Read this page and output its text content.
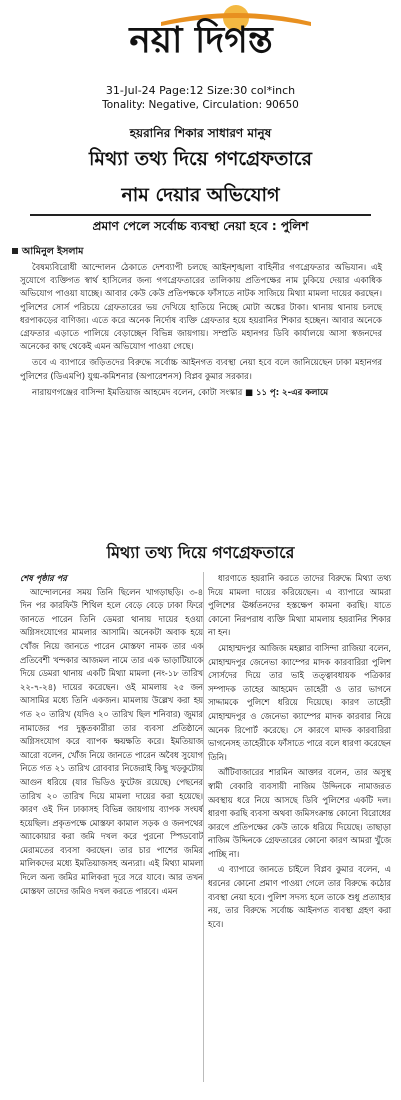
নয়া দিগন্ত
31-Jul-24 Page:12 Size:30 col*inch
Tonality: Negative, Circulation: 90650
হয়রানির শিকার সাধারণ মানুষ
মিথ্যা তথ্য দিয়ে গণগ্রেফতারে
নাম দেয়ার অভিযোগ
প্রমাণ পেলে সর্বোচ্চ ব্যবস্থা নেয়া হবে : পুলিশ
আমিনুল ইসলাম

বৈষম্যবিরোধী আন্দোলন ঠেকাতে দেশব্যাপী চলছে আইনশৃঙ্খলা বাহিনীর গণগ্রেফতার অভিযান। এই সুযোগে ব্যক্তিগত স্বার্থ হাসিলের জন্য গণগ্রেফতারের তালিকায় প্রতিপক্ষের নাম ঢুকিয়ে দেয়ার একাধিক অভিযোগ পাওয়া যাচ্ছে। আবার কেউ কেউ প্রতিপক্ষকে ফাঁসাতে নাটক সাজিয়ে মিথ্যা মামলা দায়ের করছেন। পুলিশের সোর্স পরিচয়ে গ্রেফতারের ভয় দেখিয়ে হাতিয়ে নিচ্ছে মোটা অঙ্কের টাকা। থানায় থানায় চলছে ধরপাকড়ের বাণিজ্য। এতে করে অনেক নির্দোষ ব্যক্তি গ্রেফতার হয়ে হয়রানির শিকার হচ্ছেন। আবার অনেকে গ্রেফতার এড়াতে পালিয়ে বেড়াচ্ছেন বিভিন্ন জায়গায়। সম্প্রতি মহানগর ডিবি কার্যালয়ে আসা স্বজনদের অনেকের কাছ থেকেই এমন অভিযোগ পাওয়া গেছে।

তবে এ ব্যাপারে জড়িতদের বিরুদ্ধে সর্বোচ্চ আইনগত ব্যবস্থা নেয়া হবে বলে জানিয়েছেন ঢাকা মহানগর পুলিশের (ডিএমপি) যুগ্ম-কমিশনার (অপারেশনস) বিপ্লব কুমার সরকার।

নারায়ণগঞ্জের বাসিন্দা ইমতিয়াজ আহমেদ বলেন, কোটা সংস্কার ■ ১১ পৃ: ২-এর কলামে

মিথ্যা তথ্য দিয়ে গণগ্রেফতারে
শেষ পৃষ্ঠার পর

আন্দোলনের সময় তিনি ছিলেন খাগড়াছড়ি। ৩-৪ দিন পর কারফিউ শিথিল হলে বেড়ে বেড়ে ঢাকা ফিরে জানতে পারেন তিনি ডেমরা থানায় দায়ের হওয়া অগ্নিসংযোগের মামলার আসামি। অনেকটা অবাক হয়ে খোঁজ নিয়ে জানতে পারেন মোস্তফা নামক তার এক প্রতিবেশী খন্দকার আজমল নামে তার এক ভাড়াটিয়াকে দিয়ে ডেমরা থানায় একটি মিথ্যা মামলা (নং-১৮ তারিখ ২২-৭-২৪) দায়ের করেছেন। ওই মামলায় ২৫ জন আসামির মধ্যে তিনি একজন। মামলায় উল্লেখ করা হয় গত ২০ তারিখ (যদিও ২০ তারিখ ছিল শনিবার) জুমার নামাজের পর দুষ্কৃতকারীরা তার ব্যবসা প্রতিষ্ঠানে অগ্নিসংযোগ করে ব্যাপক ক্ষয়ক্ষতি করে। ইমতিয়াজ আরো বলেন, খোঁজ নিয়ে জানতে পারেন অবৈধ সুযোগ নিতে গত ২১ তারিখ রোববার নিজেরাই কিছু খড়কুটোয় আগুন ধরিয়ে (যার ভিডিও ফুটেজ রয়েছে) পেছনের তারিখ ২০ তারিখ দিয়ে মামলা দায়ের করা হয়েছে। কারণ ওই দিন ঢাকাসহ বিভিন্ন জায়গায় ব্যাপক সংঘর্ষ হয়েছিল। প্রকৃতপক্ষে মোস্তফা কামাল সড়ক ও জনপথের অ্যাকোয়ার করা জমি দখল করে পুরনো স্পিডবোট মেরামতের ব্যবসা করছেন। তার চার পাশের জমির মালিকদের মধ্যে ইমতিয়াজসহ অন্যরা। এই মিথ্যা মামলা দিলে অন্য জমির মালিকরা দূরে সরে যাবে। আর তখন মোস্তফা তাদের জমিও দখল করতে পারবে। এমন

ধারণাতে হয়রানি করতে তাদের বিরুদ্ধে মিথ্যা তথ্য দিয়ে মামলা দায়ের করিয়েছেন। এ ব্যাপারে আমরা পুলিশের ঊর্ধ্বতনদের হস্তক্ষেপ কামনা করছি। যাতে কোনো নিরপরাধ ব্যক্তি মিথ্যা মামলায় হয়রানির শিকার না হন।

মোহাম্মদপুর আজিজ মহল্লার বাসিন্দা রাজিয়া বলেন, মোহাম্মদপুর জেনেভা ক্যাম্পের মাদক কারবারিরা পুলিশ সোর্সদের দিয়ে তার ভাই তত্ত্বাবধায়ক পত্রিকার সম্পাদক তাহের আহমেদ তাহেরী ও তার ভাগনে সাদ্দামকে পুলিশে ধরিয়ে দিয়েছে। কারণ তাহেরী মোহাম্মদপুর ও জেনেভা ক্যাম্পের মাদক কারবার নিয়ে অনেক রিপোর্ট করেছে। সে কারণে মাদক কারবারিরা ভাগনেসহ তাহেরীকে ফাঁসাতে পারে বলে ধারণা করেছেন তিনি।

আঁটিবাজারের শারমিন আক্তার বলেন, তার অসুস্থ স্বামী বেকারি ব্যবসায়ী নাজিম উদ্দিনকে নামাজরত অবস্থায় ধরে নিয়ে আসছে ডিবি পুলিশের একটি দল। ধারণা করছি ব্যবসা অথবা জমিসংক্রান্ত কোনো বিরোধের কারণে প্রতিপক্ষের কেউ তাকে ধরিয়ে দিয়েছে। তাছাড়া নাজিম উদ্দিনকে গ্রেফতারের কোনো কারণ আমরা খুঁজে পাচ্ছি না।

এ ব্যাপারে জানতে চাইলে বিপ্লব কুমার বলেন, এ ধরনের কোনো প্রমাণ পাওয়া গেলে তার বিরুদ্ধে কঠোর ব্যবস্থা নেয়া হবে। পুলিশ সদস্য হলে তাকে শুধু প্রত্যাহার নয়, তার বিরুদ্ধে সর্বোচ্চ আইনগত ব্যবস্থা গ্রহণ করা হবে।
